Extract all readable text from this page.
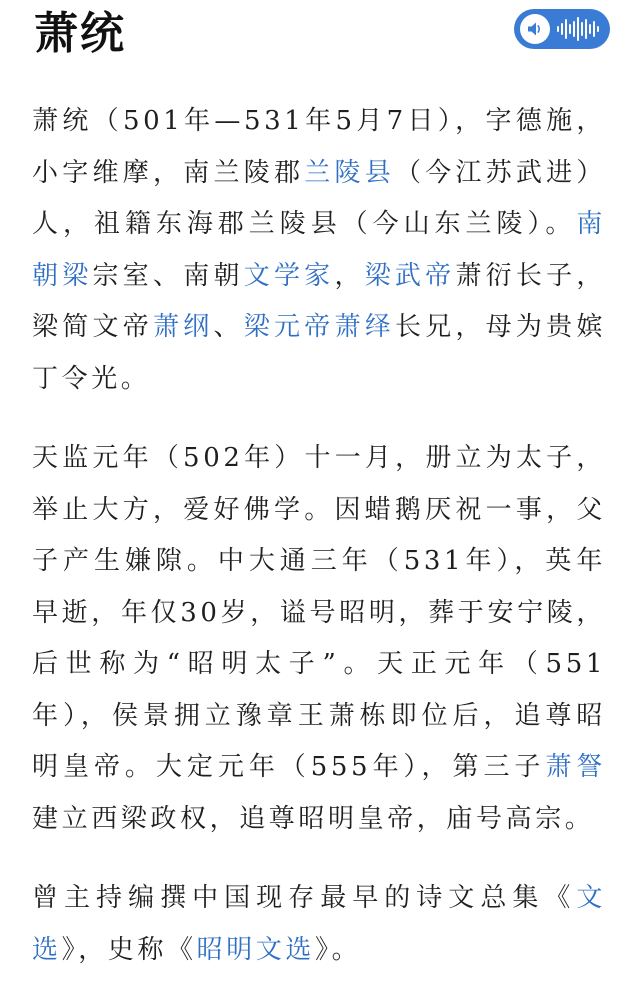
萧统

萧统（501年—531年5月7日），字德施，小字维摩，南兰陵郡兰陵县（今江苏武进）人，祖籍东海郡兰陵县（今山东兰陵）。南朝梁宗室、南朝文学家，梁武帝萧衍长子，梁简文帝萧纲、梁元帝萧绎长兄，母为贵嫔丁令光。

天监元年（502年）十一月，册立为太子，举止大方，爱好佛学。因蜡鹅厌祝一事，父子产生嫌隙。中大通三年（531年），英年早逝，年仅30岁，谥号昭明，葬于安宁陵，后世称为“昭明太子”。天正元年（551年），侯景拥立豫章王萧栋即位后，追尊昭明皇帝。大定元年（555年），第三子萧詧建立西梁政权，追尊昭明皇帝，庙号高宗。

曾主持编撰中国现存最早的诗文总集《文选》，史称《昭明文选》。
